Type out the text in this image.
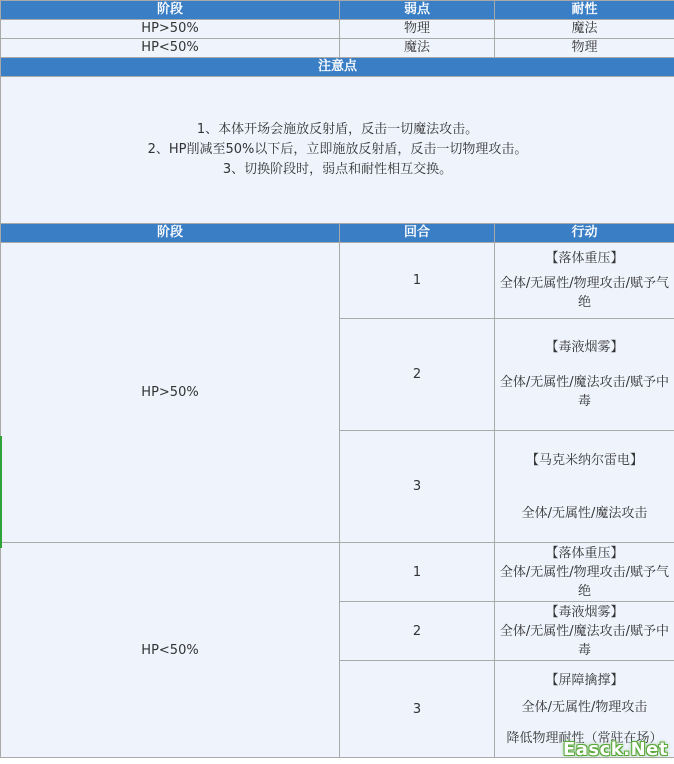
阶段	弱点	耐性
HP>50%	物理	魔法
HP<50%	魔法	物理
注意点		

1、本体开场会施放反射盾，反击一切魔法攻击。
2、HP削减至50%以下后，立即施放反射盾，反击一切物理攻击。
3、切换阶段时，弱点和耐性相互交换。		

阶段	回合	行动
HP>50%	1	【落体重压】
全体/无属性/物理攻击/赋予气绝

	2	【毒液烟雾】
全体/无属性/魔法攻击/赋予中毒

	3	【马克米纳尔雷电】
全体/无属性/魔法攻击

HP<50%	1	【落体重压】
全体/无属性/物理攻击/赋予气绝

	2	【毒液烟雾】
全体/无属性/魔法攻击/赋予中毒

	3	【屏障擒撑】
全体/无属性/物理攻击
降低物理耐性（常驻在场）
Easck.Net
